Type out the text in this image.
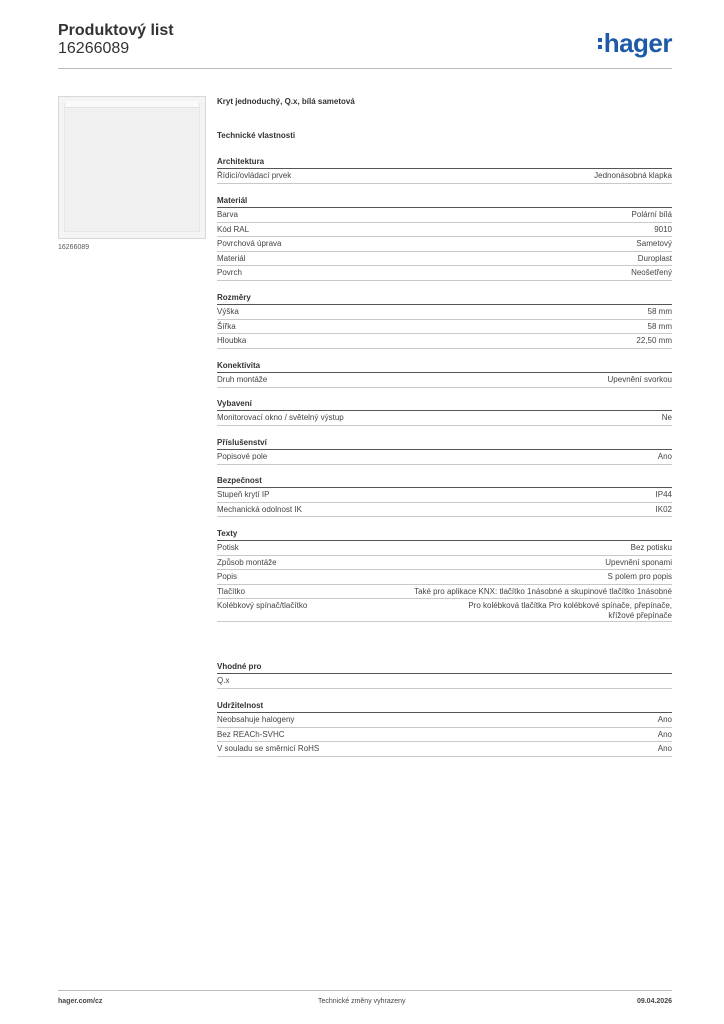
Produktový list
16266089	hager
16266089
Kryt jednoduchý, Q.x, bílá sametová
Technické vlastnosti
Architektura
Řídicí/ovládací prvek	Jednonásobná klapka
Materiál
Barva	Polární bílá
Kód RAL	9010
Povrchová úprava	Sametový
Materiál	Duroplast
Povrch	Neošetřený
Rozměry
Výška	58 mm
Šířka	58 mm
Hloubka	22,50 mm
Konektivita
Druh montáže	Upevnění svorkou
Vybavení
Monitorovací okno / světelný výstup	Ne
Příslušenství
Popisové pole	Ano
Bezpečnost
Stupeň krytí IP	IP44
Mechanická odolnost IK	IK02
Texty
Potisk	Bez potisku
Způsob montáže	Upevnění sponami
Popis	S polem pro popis
Tlačítko	Také pro aplikace KNX: tlačítko 1násobné a skupinové tlačítko 1násobné
Kolébkový spínač/tlačítko	Pro kolébková tlačítka Pro kolébkové spínače, přepínače, křížové přepínače
Vhodné pro
Q.x
Udržitelnost
Neobsahuje halogeny	Ano
Bez REACh-SVHC	Ano
V souladu se směrnicí RoHS	Ano
hager.com/cz	Technické změny vyhrazeny	09.04.2026
